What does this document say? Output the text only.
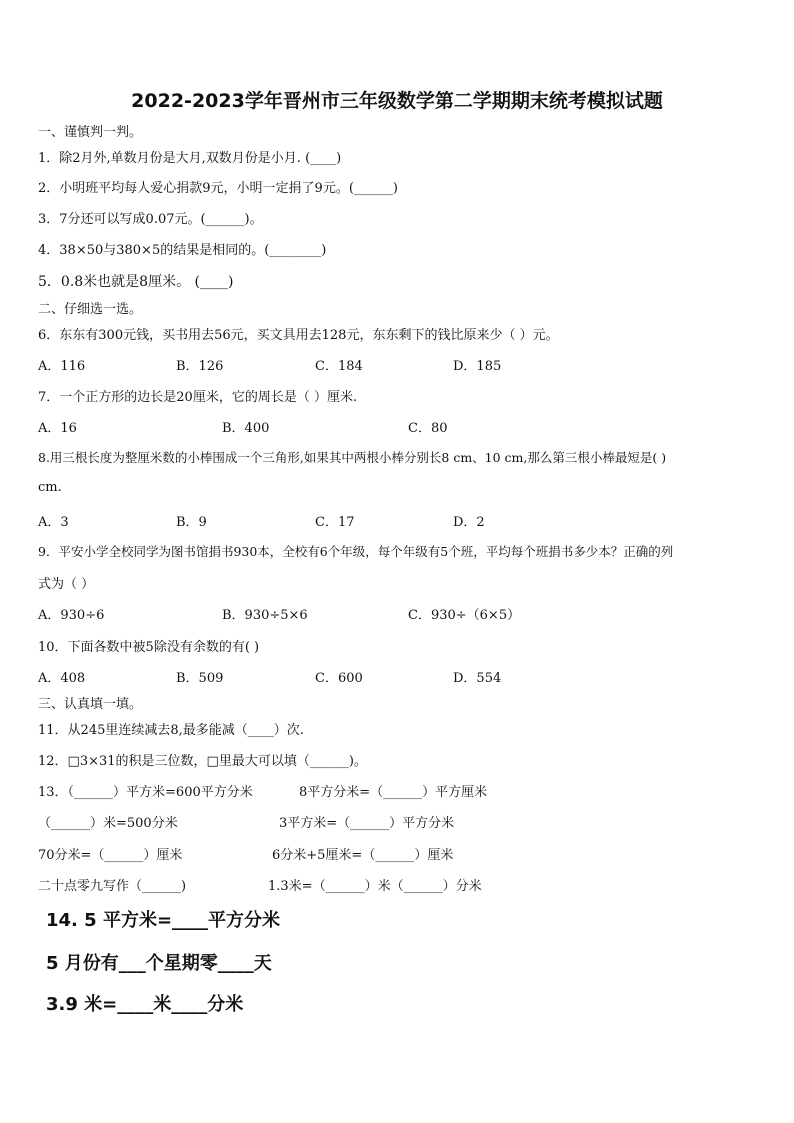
2022-2023学年晋州市三年级数学第二学期期末统考模拟试题
一、谨慎判一判。
1．除2月外,单数月份是大月,双数月份是小月. (____)
2．小明班平均每人爱心捐款9元，小明一定捐了9元。(______)
3．7分还可以写成0.07元。(______)。
4．38×50与380×5的结果是相同的。(________)
5．0.8米也就是8厘米。 (____)
二、仔细选一选。
6．东东有300元钱，买书用去56元，买文具用去128元，东东剩下的钱比原来少（ ）元。
A．116	B．126	C．184	D．185
7．一个正方形的边长是20厘米，它的周长是（ ）厘米.
A．16	B．400	C．80
8.用三根长度为整厘米数的小棒围成一个三角形,如果其中两根小棒分别长8 cm、10 cm,那么第三根小棒最短是( )
cm.
A．3	B．9	C．17	D．2
9．平安小学全校同学为图书馆捐书930本，全校有6个年级，每个年级有5个班，平均每个班捐书多少本？正确的列
式为（ ）
A．930÷6	B．930÷5×6	C．930÷（6×5）
10．下面各数中被5除没有余数的有( )
A．408	B．509	C．600	D．554
三、认真填一填。
11．从245里连续减去8,最多能减（____）次.
12．□3×31的积是三位数，□里最大可以填（______)。
13．（______）平方米=600平方分米	8平方分米=（______）平方厘米
（______）米=500分米	3平方米=（______）平方分米
70分米=（______）厘米	6分米+5厘米=（______）厘米
二十点零九写作（______)	1.3米=（______）米（______）分米
14. 5 平方米=____平方分米
5 月份有___个星期零____天
3.9 米=____米____分米
